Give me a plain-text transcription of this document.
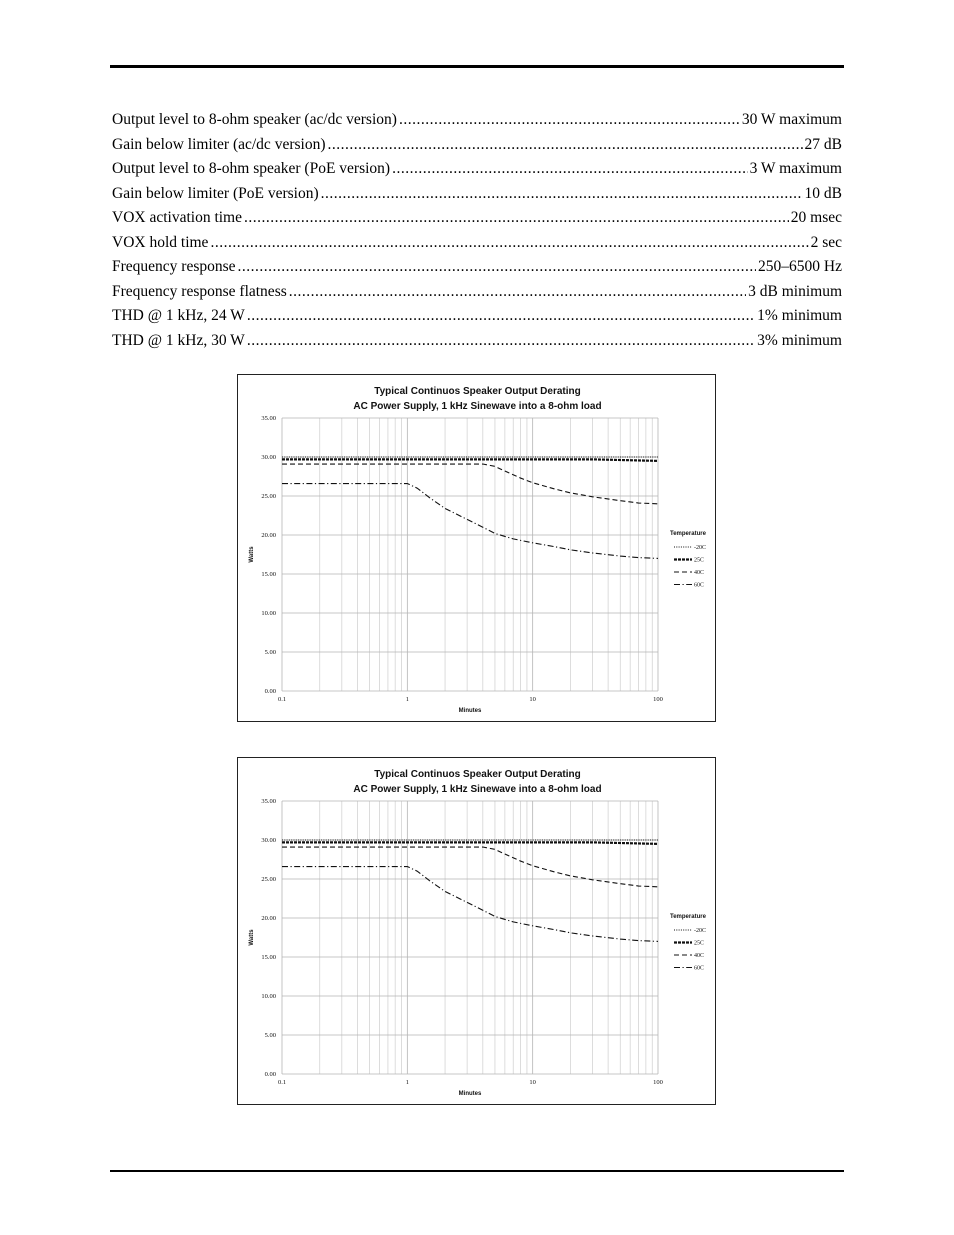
Output level to 8-ohm speaker (ac/dc version) .....	30 W maximum
Gain below limiter (ac/dc version) .....	27 dB
Output level to 8-ohm speaker (PoE version) .....	3 W maximum
Gain below limiter (PoE version) .....	10 dB
VOX activation time .....	20 msec
VOX hold time .....	2 sec
Frequency response .....	250–6500 Hz
Frequency response flatness .....	3 dB minimum
THD @ 1 kHz, 24 W .....	1% minimum
THD @ 1 kHz, 30 W .....	3% minimum
Typical Continuos Speaker Output Derating
AC Power Supply, 1 kHz Sinewave into a 8-ohm load
0.00
5.00
10.00
15.00
20.00
25.00
30.00
35.00
0.1	1	10	100
Minutes
Watts
Temperature
-20C
25C
40C
60C
Typical Continuos Speaker Output Derating
AC Power Supply, 1 kHz Sinewave into a 8-ohm load
0.00
5.00
10.00
15.00
20.00
25.00
30.00
35.00
0.1	1	10	100
Minutes
Watts
Temperature
-20C
25C
40C
60C
